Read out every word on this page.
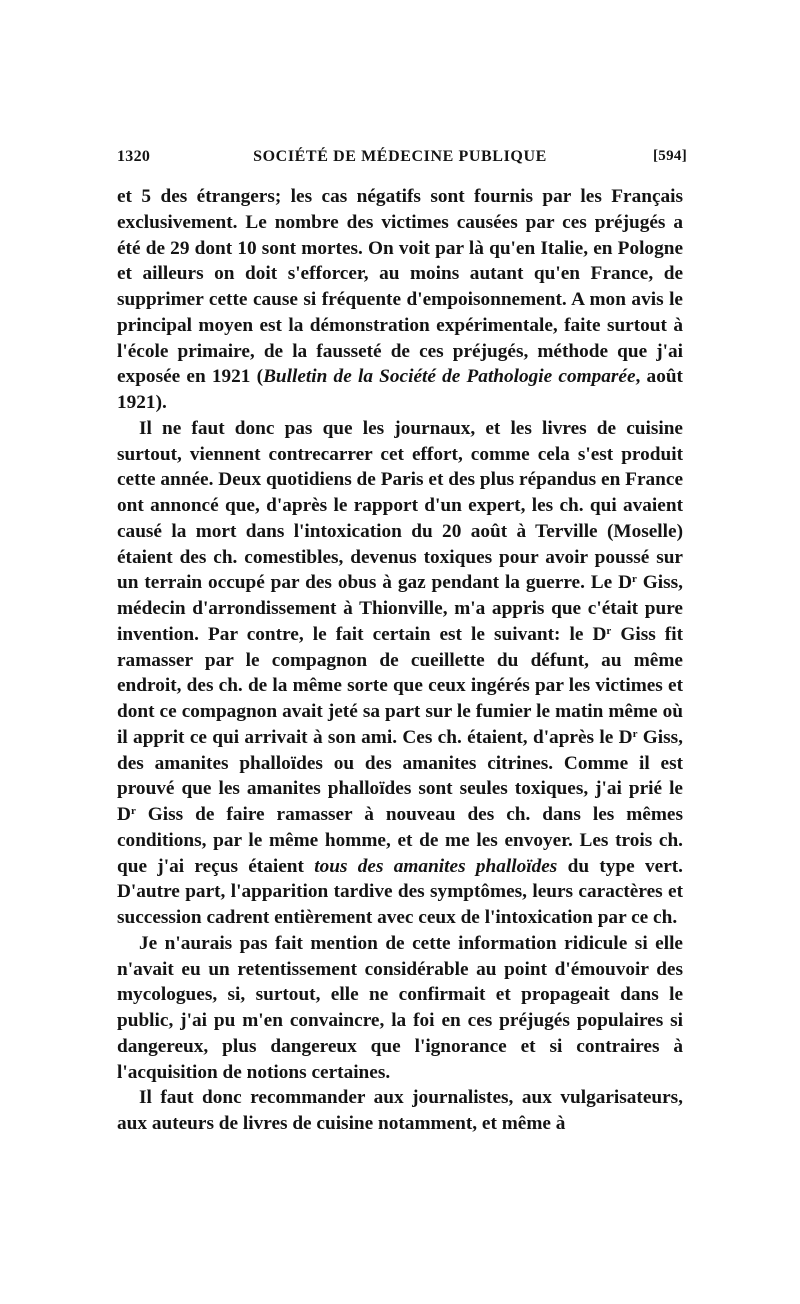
1320	SOCIÉTÉ DE MÉDECINE PUBLIQUE	[594]

et 5 des étrangers; les cas négatifs sont fournis par les Français exclusivement. Le nombre des victimes causées par ces préjugés a été de 29 dont 10 sont mortes. On voit par là qu'en Italie, en Pologne et ailleurs on doit s'efforcer, au moins autant qu'en France, de supprimer cette cause si fréquente d'empoisonnement. A mon avis le principal moyen est la démonstration expérimentale, faite surtout à l'école primaire, de la fausseté de ces préjugés, méthode que j'ai exposée en 1921 (Bulletin de la Société de Pathologie comparée, août 1921).

Il ne faut donc pas que les journaux, et les livres de cuisine surtout, viennent contrecarrer cet effort, comme cela s'est produit cette année. Deux quotidiens de Paris et des plus répandus en France ont annoncé que, d'après le rapport d'un expert, les ch. qui avaient causé la mort dans l'intoxication du 20 août à Terville (Moselle) étaient des ch. comestibles, devenus toxiques pour avoir poussé sur un terrain occupé par des obus à gaz pendant la guerre. Le $D^r$ Giss, médecin d'arrondissement à Thionville, m'a appris que c'était pure invention. Par contre, le fait certain est le suivant: le $D^r$ Giss fit ramasser par le compagnon de cueillette du défunt, au même endroit, des ch. de la même sorte que ceux ingérés par les victimes et dont ce compagnon avait jeté sa part sur le fumier le matin même où il apprit ce qui arrivait à son ami. Ces ch. étaient, d'après le $D^r$ Giss, des amanites phalloïdes ou des amanites citrines. Comme il est prouvé que les amanites phalloïdes sont seules toxiques, j'ai prié le $D^r$ Giss de faire ramasser à nouveau des ch. dans les mêmes conditions, par le même homme, et de me les envoyer. Les trois ch. que j'ai reçus étaient tous des amanites phalloïdes du type vert. D'autre part, l'apparition tardive des symptômes, leurs caractères et succession cadrent entièrement avec ceux de l'intoxication par ce ch.

Je n'aurais pas fait mention de cette information ridicule si elle n'avait eu un retentissement considérable au point d'émouvoir des mycologues, si, surtout, elle ne confirmait et propageait dans le public, j'ai pu m'en convaincre, la foi en ces préjugés populaires si dangereux, plus dangereux que l'ignorance et si contraires à l'acquisition de notions certaines.

Il faut donc recommander aux journalistes, aux vulgarisateurs, aux auteurs de livres de cuisine notamment, et même à
